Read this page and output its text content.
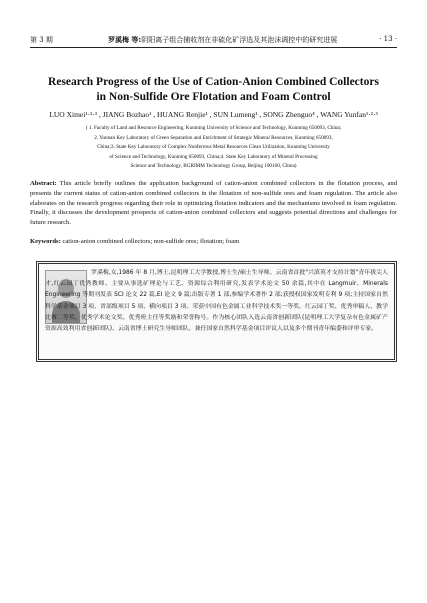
第 3 期	罗溪梅 等:阴阳离子组合捕收剂在非硫化矿浮选及其泡沫调控中的研究进展	· 13 ·
Research Progress of the Use of Cation-Anion Combined Collectors
in Non-Sulfide Ore Flotation and Foam Control
LUO Ximei¹·²·³ , JIANG Bozhao¹ , HUANG Renjie¹ , SUN Lumeng¹ , SONG Zhenguo⁴ , WANG Yunfan¹·²·³
( 1. Faculty of Land and Resource Engineering, Kunming University of Science and Technology, Kunming 650093, China;
2. Yunnan Key Laboratory of Green Separation and Enrichment of Strategic Mineral Resources, Kunming 650093,
China;3. State Key Laboratory of Complex Nonferrous Metal Resources Clean Utilization, Kunming University
of Science and Technology, Kunming 650093, China;4. State Key Laboratory of Mineral Processing
Science and Technology, BGRIMM Technology Group, Beijing 100160, China)
Abstract: This article briefly outlines the application background of cation-anion combined collectors in the flotation process, and presents the current status of cation-anion combined collectors in the flotation of non-sulfide ores and foam regulation. The article also elaborates on the research progress regarding their role in optimizing flotation indicators and the mechanisms involved in foam regulation. Finally, it discusses the development prospects of cation-anion combined collectors and suggests potential directions and challenges for future research.
Keywords: cation-anion combined collectors; non-sulfide ores; flotation; foam
罗溪梅,女,1986 年 8 月,博士,昆明理工大学教授,博士生/硕士生导师。云南省首批"兴滇英才支持计划"青年拔尖人才,红云园丁优秀教师。主要从事选矿理论与工艺、资源综合利用研究,发表学术论文 50 余篇,其中在 Langmuir、Minerals Engineering 等期刊发表 SCI 论文 22 篇,EI 论文 9 篇;出版专著 1 部,参编学术著作 2 部;获授权国家发明专利 9 项;主持国家自然科学基金项目 3 项、省部级项目 5 项、横向项目 3 项。荣获中国有色金属工业科学技术奖一等奖、红云园丁奖、优秀审稿人、教学比赛二等奖、优秀学术论文奖、优秀班主任等奖励和荣誉称号。作为核心团队入选云南省创新团队(昆明理工大学复杂有色金属矿产资源高效利用省创新团队)、云南省博士研究生导师团队。兼任国家自然科学基金项目评议人以及多个期刊青年编委和评审专家。
